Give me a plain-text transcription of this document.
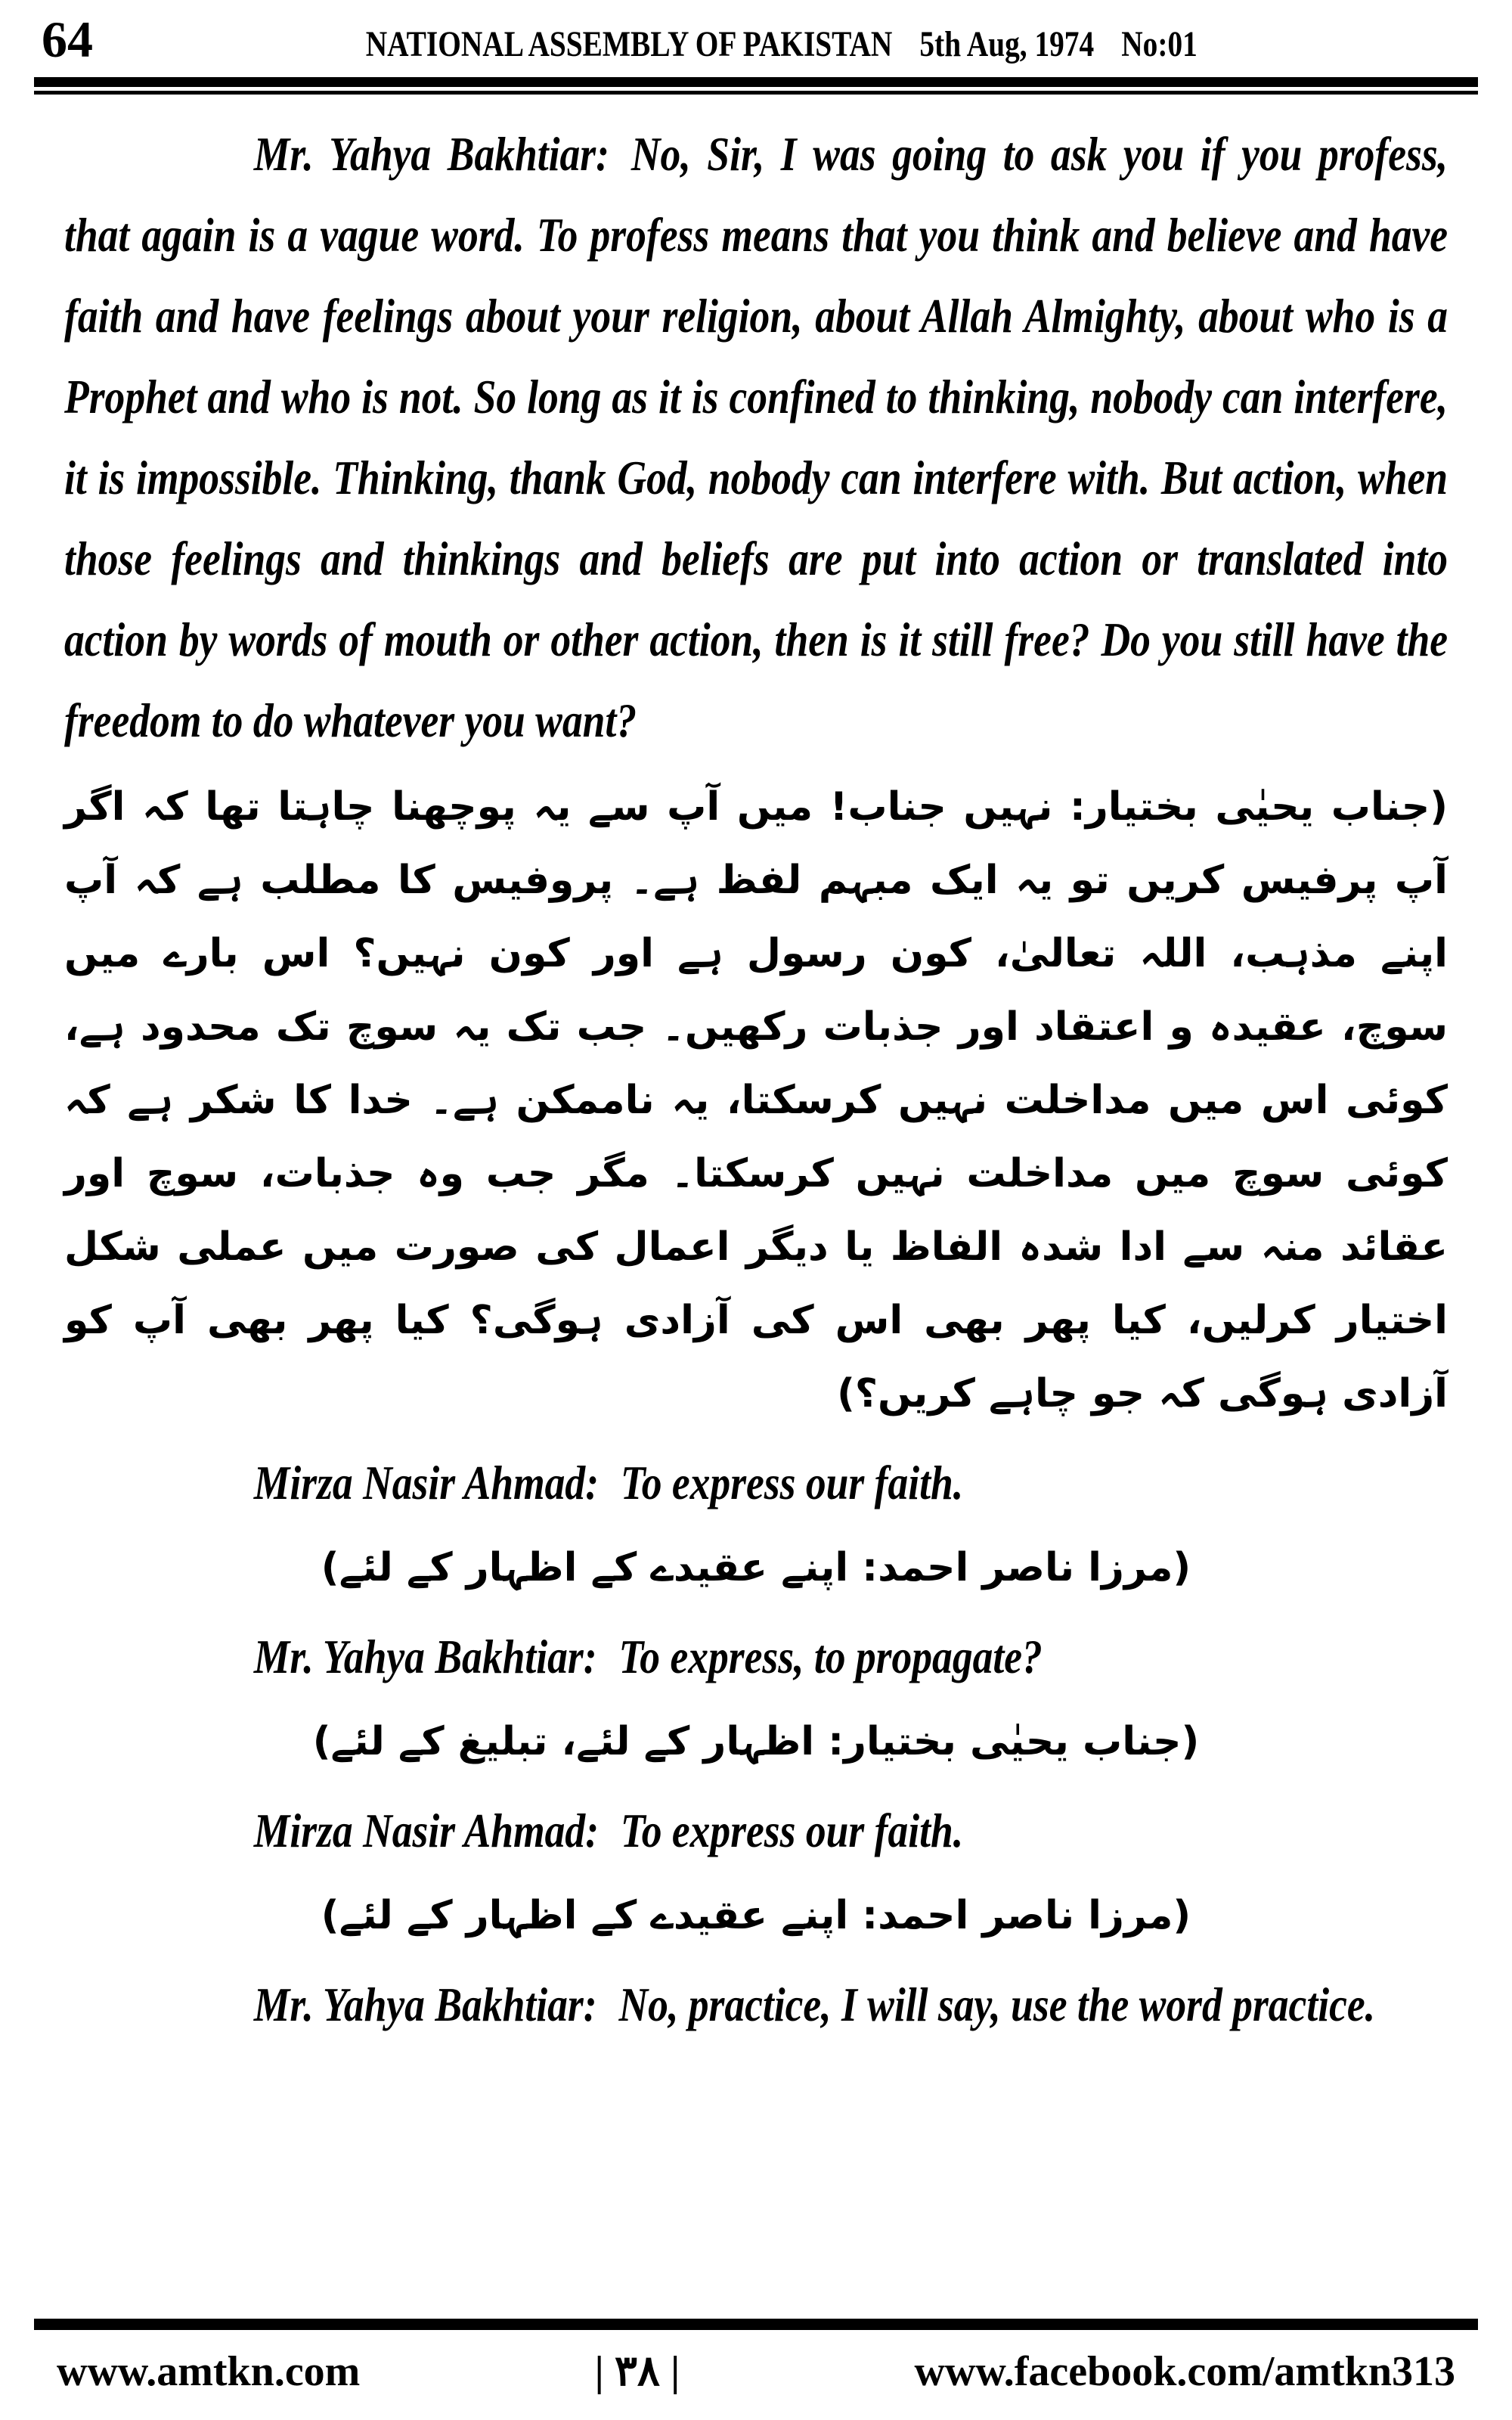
64	NATIONAL ASSEMBLY OF PAKISTAN 5th Aug, 1974 No:01

Mr. Yahya Bakhtiar: No, Sir, I was going to ask you if you profess, that again is a vague word. To profess means that you think and believe and have faith and have feelings about your religion, about Allah Almighty, about who is a Prophet and who is not. So long as it is confined to thinking, nobody can interfere, it is impossible. Thinking, thank God, nobody can interfere with. But action, when those feelings and thinkings and beliefs are put into action or translated into action by words of mouth or other action, then is it still free? Do you still have the freedom to do whatever you want?

(جناب یحیٰی بختیار: نہیں جناب! میں آپ سے یہ پوچھنا چاہتا تھا کہ اگر آپ پرفیس کریں تو یہ ایک مبہم لفظ ہے۔ پروفیس کا مطلب ہے کہ آپ اپنے مذہب، اللہ تعالیٰ، کون رسول ہے اور کون نہیں؟ اس بارے میں سوچ، عقیدہ و اعتقاد اور جذبات رکھیں۔ جب تک یہ سوچ تک محدود ہے، کوئی اس میں مداخلت نہیں کرسکتا، یہ ناممکن ہے۔ خدا کا شکر ہے کہ کوئی سوچ میں مداخلت نہیں کرسکتا۔ مگر جب وہ جذبات، سوچ اور عقائد منہ سے ادا شدہ الفاظ یا دیگر اعمال کی صورت میں عملی شکل اختیار کرلیں، کیا پھر بھی اس کی آزادی ہوگی؟ کیا پھر بھی آپ کو آزادی ہوگی کہ جو چاہے کریں؟)

Mirza Nasir Ahmad: To express our faith.

(مرزا ناصر احمد: اپنے عقیدے کے اظہار کے لئے)

Mr. Yahya Bakhtiar: To express, to propagate?

(جناب یحیٰی بختیار: اظہار کے لئے، تبلیغ کے لئے)

Mirza Nasir Ahmad: To express our faith.

(مرزا ناصر احمد: اپنے عقیدے کے اظہار کے لئے)

Mr. Yahya Bakhtiar: No, practice, I will say, use the word practice.

www.amtkn.com	| ۳۸ |	www.facebook.com/amtkn313
